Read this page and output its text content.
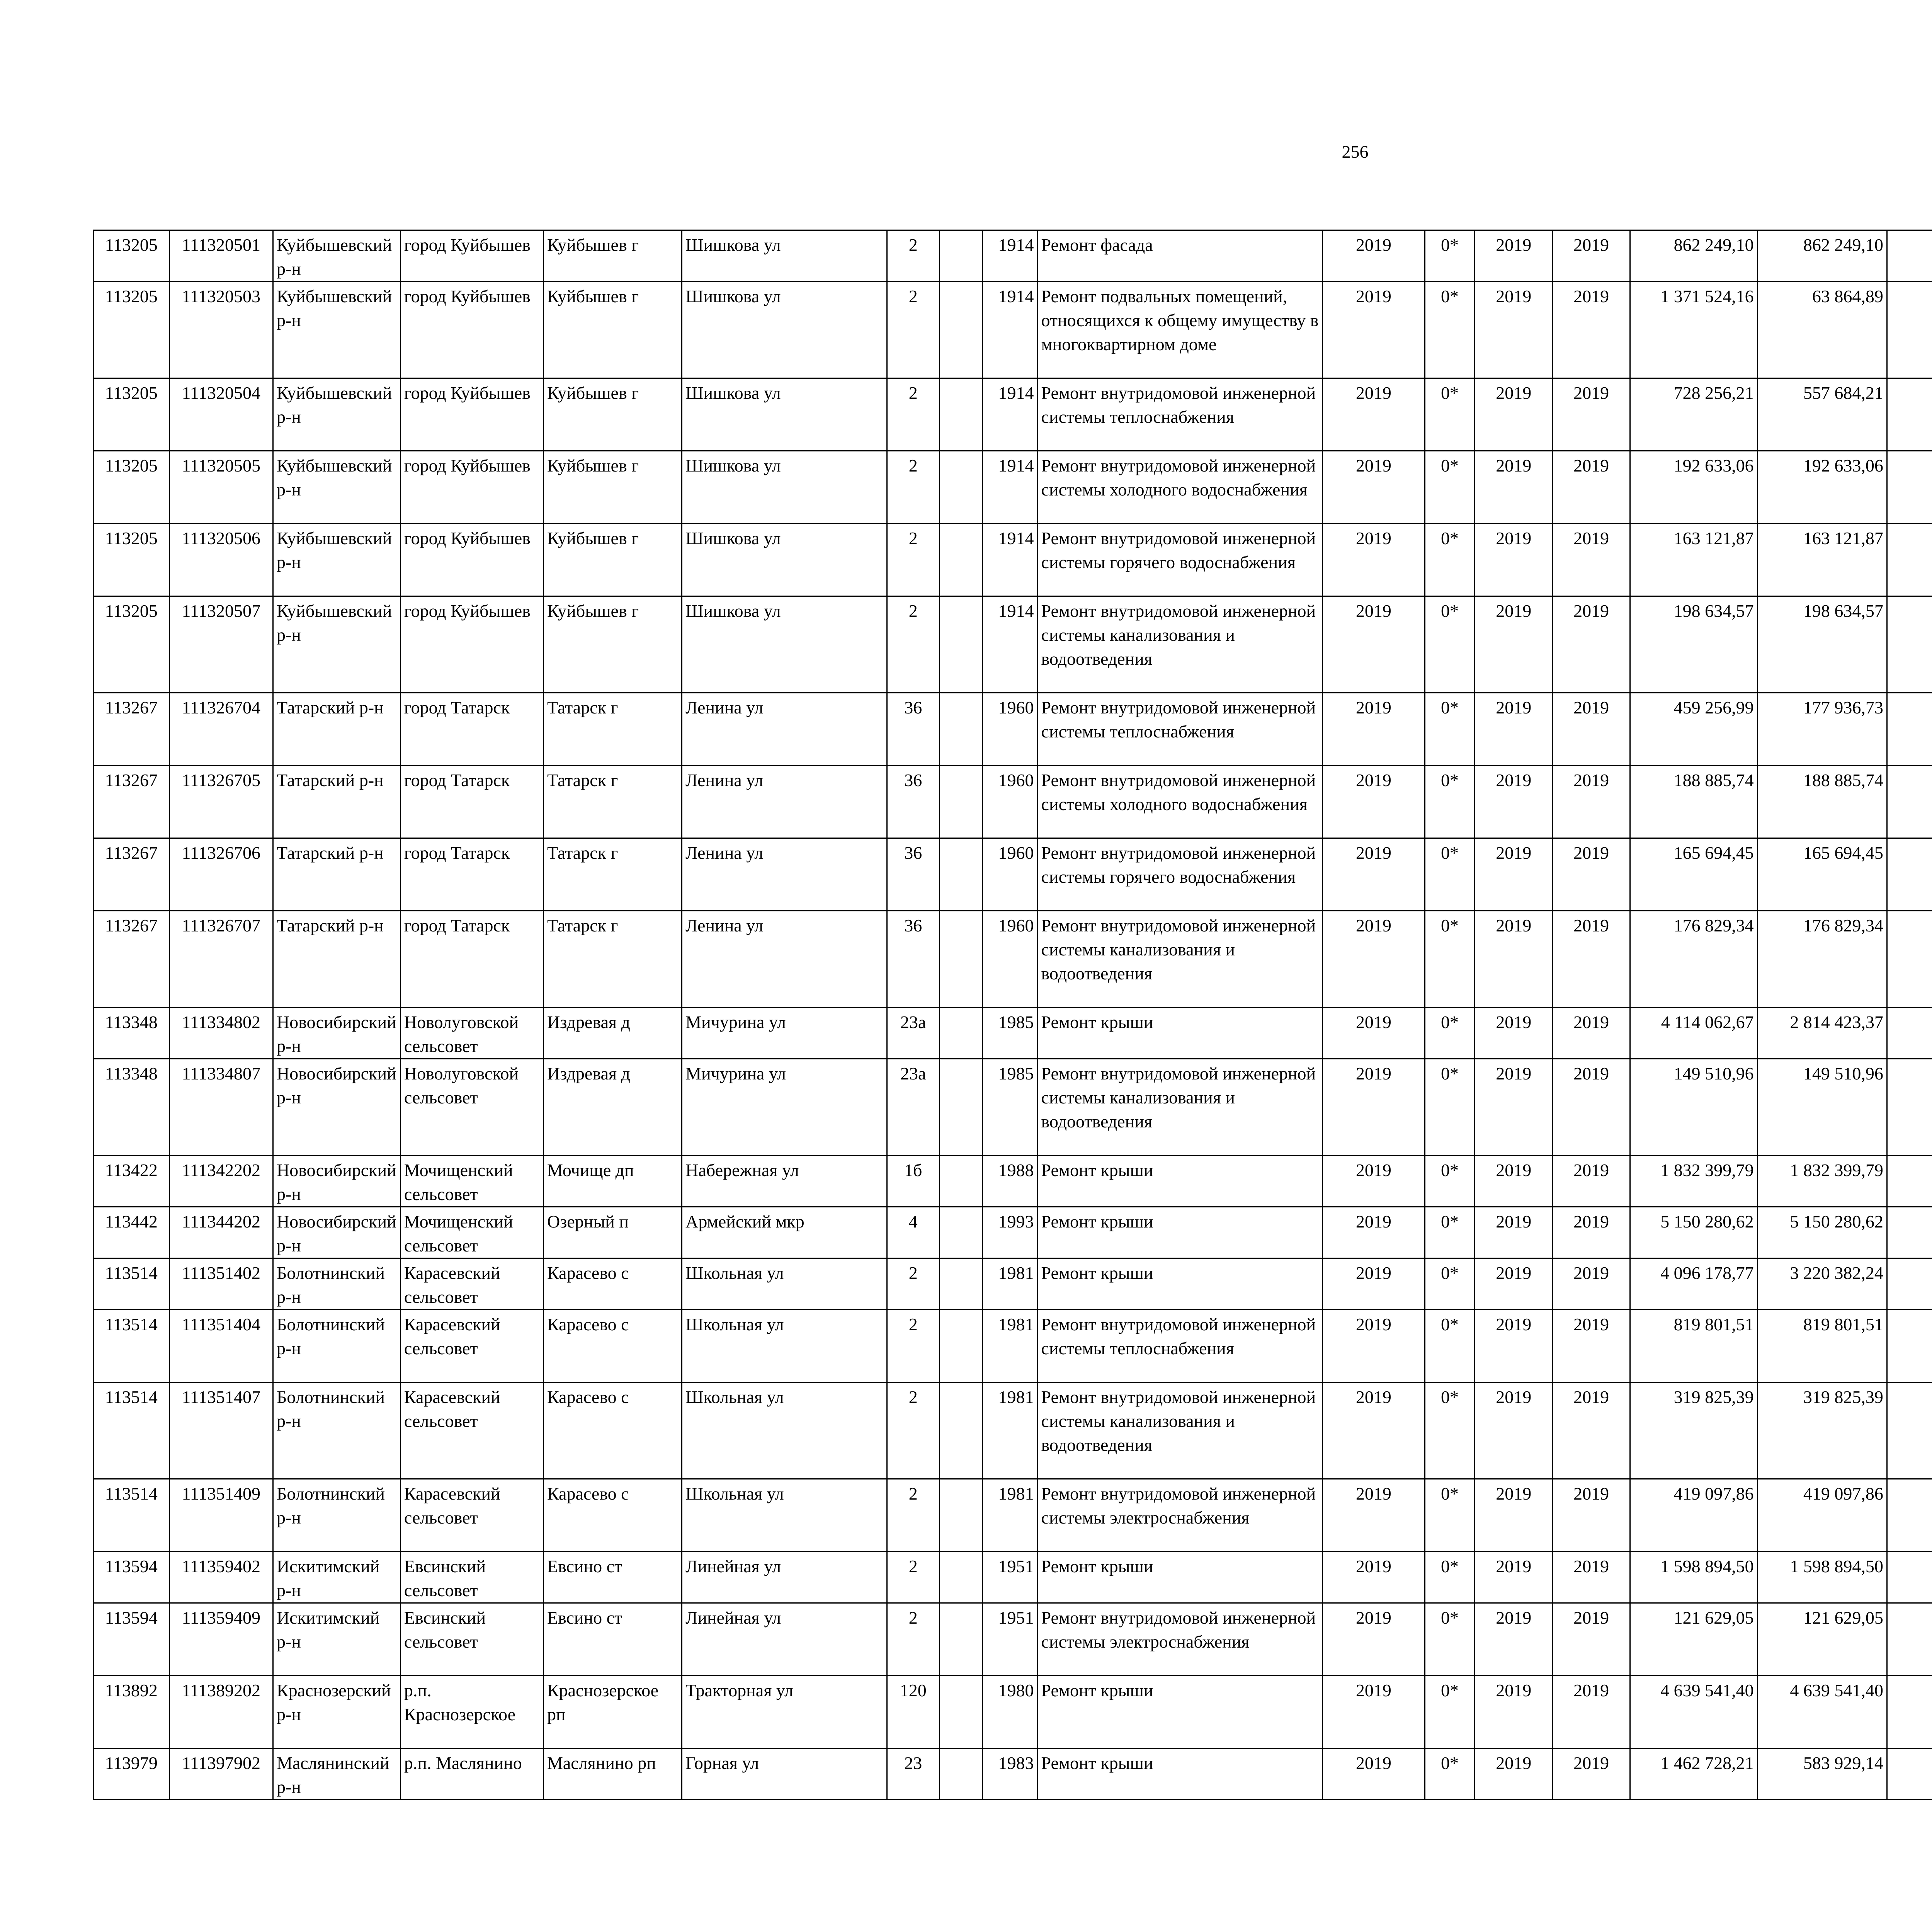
256
113205	111320501	Куйбышевский р-н	город Куйбышев	Куйбышев г	Шишкова ул	2		1914	Ремонт фасада	2019	0*	2019	2019	862 249,10	862 249,10							
113205	111320503	Куйбышевский р-н	город Куйбышев	Куйбышев г	Шишкова ул	2		1914	Ремонт подвальных помещений, относящихся к общему имуществу в многоквартирном доме	2019	0*	2019	2019	1 371 524,16	63 864,89							
113205	111320504	Куйбышевский р-н	город Куйбышев	Куйбышев г	Шишкова ул	2		1914	Ремонт внутридомовой инженерной системы теплоснабжения	2019	0*	2019	2019	728 256,21	557 684,21							
113205	111320505	Куйбышевский р-н	город Куйбышев	Куйбышев г	Шишкова ул	2		1914	Ремонт внутридомовой инженерной системы холодного водоснабжения	2019	0*	2019	2019	192 633,06	192 633,06							
113205	111320506	Куйбышевский р-н	город Куйбышев	Куйбышев г	Шишкова ул	2		1914	Ремонт внутридомовой инженерной системы горячего водоснабжения	2019	0*	2019	2019	163 121,87	163 121,87							
113205	111320507	Куйбышевский р-н	город Куйбышев	Куйбышев г	Шишкова ул	2		1914	Ремонт внутридомовой инженерной системы канализования и водоотведения	2019	0*	2019	2019	198 634,57	198 634,57							
113267	111326704	Татарский р-н	город Татарск	Татарск г	Ленина ул	36		1960	Ремонт внутридомовой инженерной системы теплоснабжения	2019	0*	2019	2019	459 256,99	177 936,73							
113267	111326705	Татарский р-н	город Татарск	Татарск г	Ленина ул	36		1960	Ремонт внутридомовой инженерной системы холодного водоснабжения	2019	0*	2019	2019	188 885,74	188 885,74							
113267	111326706	Татарский р-н	город Татарск	Татарск г	Ленина ул	36		1960	Ремонт внутридомовой инженерной системы горячего водоснабжения	2019	0*	2019	2019	165 694,45	165 694,45							
113267	111326707	Татарский р-н	город Татарск	Татарск г	Ленина ул	36		1960	Ремонт внутридомовой инженерной системы канализования и водоотведения	2019	0*	2019	2019	176 829,34	176 829,34							
113348	111334802	Новосибирский р-н	Новолуговской сельсовет	Издревая д	Мичурина ул	23а		1985	Ремонт крыши	2019	0*	2019	2019	4 114 062,67	2 814 423,37							
113348	111334807	Новосибирский р-н	Новолуговской сельсовет	Издревая д	Мичурина ул	23а		1985	Ремонт внутридомовой инженерной системы канализования и водоотведения	2019	0*	2019	2019	149 510,96	149 510,96							
113422	111342202	Новосибирский р-н	Мочищенский сельсовет	Мочище дп	Набережная ул	1б		1988	Ремонт крыши	2019	0*	2019	2019	1 832 399,79	1 832 399,79							
113442	111344202	Новосибирский р-н	Мочищенский сельсовет	Озерный п	Армейский мкр	4		1993	Ремонт крыши	2019	0*	2019	2019	5 150 280,62	5 150 280,62							
113514	111351402	Болотнинский р-н	Карасевский сельсовет	Карасево с	Школьная ул	2		1981	Ремонт крыши	2019	0*	2019	2019	4 096 178,77	3 220 382,24							
113514	111351404	Болотнинский р-н	Карасевский сельсовет	Карасево с	Школьная ул	2		1981	Ремонт внутридомовой инженерной системы теплоснабжения	2019	0*	2019	2019	819 801,51	819 801,51							
113514	111351407	Болотнинский р-н	Карасевский сельсовет	Карасево с	Школьная ул	2		1981	Ремонт внутридомовой инженерной системы канализования и водоотведения	2019	0*	2019	2019	319 825,39	319 825,39							
113514	111351409	Болотнинский р-н	Карасевский сельсовет	Карасево с	Школьная ул	2		1981	Ремонт внутридомовой инженерной системы электроснабжения	2019	0*	2019	2019	419 097,86	419 097,86							
113594	111359402	Искитимский р-н	Евсинский сельсовет	Евсино ст	Линейная ул	2		1951	Ремонт крыши	2019	0*	2019	2019	1 598 894,50	1 598 894,50							
113594	111359409	Искитимский р-н	Евсинский сельсовет	Евсино ст	Линейная ул	2		1951	Ремонт внутридомовой инженерной системы электроснабжения	2019	0*	2019	2019	121 629,05	121 629,05							
113892	111389202	Краснозерский р-н	р.п. Краснозерское	Краснозерское рп	Тракторная ул	120		1980	Ремонт крыши	2019	0*	2019	2019	4 639 541,40	4 639 541,40							
113979	111397902	Маслянинский р-н	р.п. Маслянино	Маслянино рп	Горная ул	23		1983	Ремонт крыши	2019	0*	2019	2019	1 462 728,21	583 929,14							
